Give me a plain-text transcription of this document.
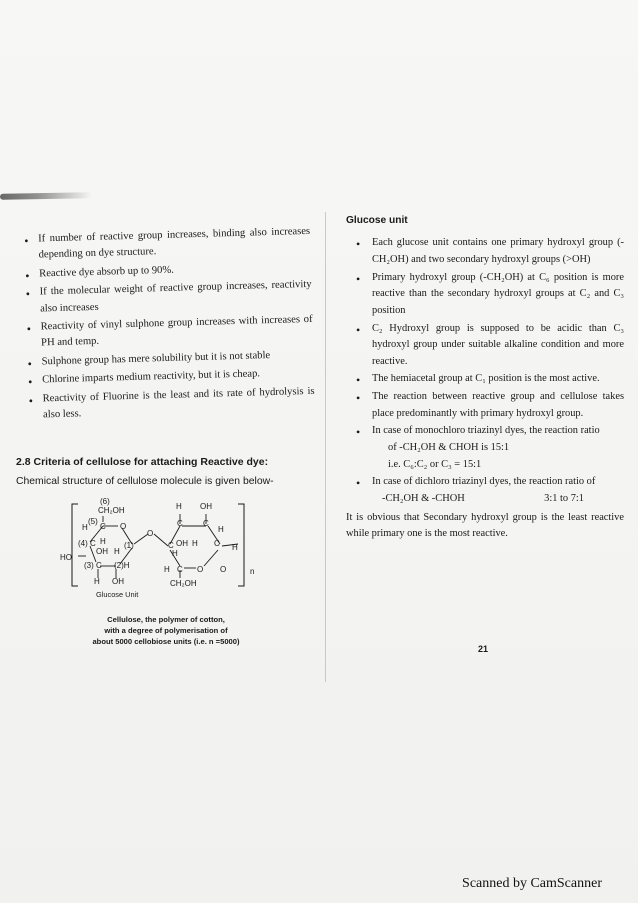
• If number of reactive group increases, binding also increases depending on dye structure.
• Reactive dye absorb up to 90%.
• If the molecular weight of reactive group increases, reactivity also increases
• Reactivity of vinyl sulphone group increases with increases of PH and temp.
• Sulphone group has mere solubility but it is not stable
• Chlorine imparts medium reactivity, but it is cheap.
• Reactivity of Fluorine is the least and its rate of hydrolysis is also less.
2.8 Criteria of cellulose for attaching Reactive dye:
Chemical structure of cellulose molecule is given below-
(6)
CH₂OH
(5)
H C O
(4) C H
OH H
(1)
HO
(3) C (2)H
H OH
O
H OH
C	C
H
C OH H C
H
H
H C O O
CH₂OH
n
Glucose Unit
Cellulose, the polymer of cotton,
with a degree of polymerisation of
about 5000 cellobiose units (i.e. n =5000)
Glucose unit
• Each glucose unit contains one primary hydroxyl group (-CH₂OH) and two secondary hydroxyl groups (>OH)
• Primary hydroxyl group (-CH₂OH) at C₆ position is more reactive than the secondary hydroxyl groups at C₂ and C₃ position
• C₂ Hydroxyl group is supposed to be acidic than C₃ hydroxyl group under suitable alkaline condition and more reactive.
• The hemiacetal group at C₁ position is the most active.
• The reaction between reactive group and cellulose takes place predominantly with primary hydroxyl group.
• In case of monochloro triazinyl dyes, the reaction ratio
of -CH₂OH & CHOH is 15:1
i.e. C₆:C₂ or C₃ = 15:1
• In case of dichloro triazinyl dyes, the reaction ratio of
-CH₂OH & -CHOH	3:1 to 7:1
It is obvious that Secondary hydroxyl group is the least reactive while primary one is the most reactive.
21
Scanned by CamScanner
